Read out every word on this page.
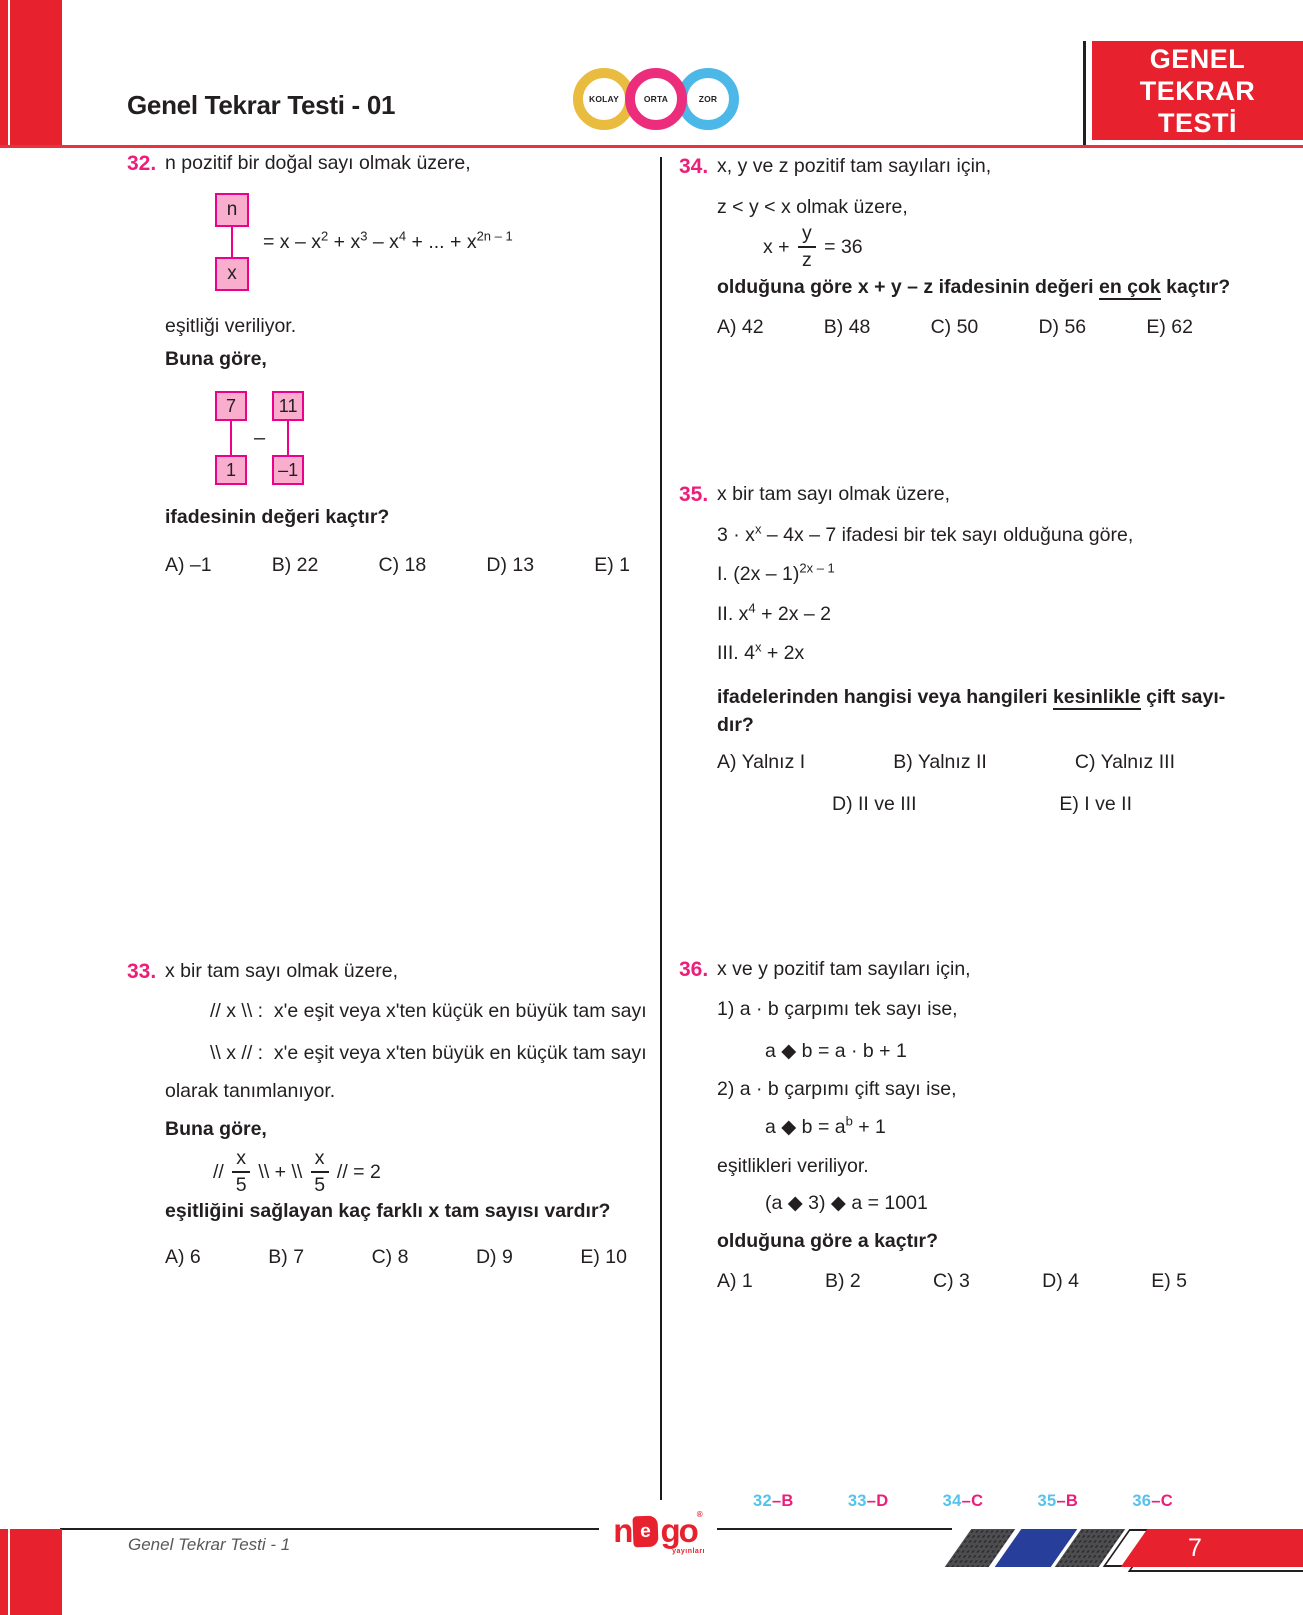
Genel Tekrar Testi - 01	KOLAY	ORTA	ZOR
GENEL
TEKRAR
TESTİ
32. n pozitif bir doğal sayı olmak üzere,
$\frac{n}{x} = x - x^2 + x^3 - x^4$ + ... + $x^{2n - 1}$
eşitliği veriliyor.
Buna göre,
7
1
–
11
–1
ifadesinin değeri kaçtır?
A) –1	B) 22	C) 18	D) 13	E) 1
33. x bir tam sayı olmak üzere,
// x \\ :  x'e eşit veya x'ten küçük en büyük tam sayı
\\ x // :  x'e eşit veya x'ten büyük en küçük tam sayı
olarak tanımlanıyor.
Buna göre,
// $\frac{x}{5}$ \\ + \\ $\frac{x}{5}$ // = 2
eşitliğini sağlayan kaç farklı x tam sayısı vardır?
A) 6	B) 7	C) 8	D) 9	E) 10
34. x, y ve z pozitif tam sayıları için,
z < y < x olmak üzere,
$x + \frac{y}{z} = 36$
olduğuna göre x + y – z ifadesinin değeri en çok kaçtır?
A) 42	B) 48	C) 50	D) 56	E) 62
35. x bir tam sayı olmak üzere,
$3 \cdot x^x - 4x - 7$ ifadesi bir tek sayı olduğuna göre,
I. (2x – 1)$^{2x - 1}$
II. $x^4 + 2x - 2$
III. $4^x + 2x$
ifadelerinden hangisi veya hangileri kesinlikle çift sayı-
dır?
A) Yalnız I	B) Yalnız II	C) Yalnız III
D) II ve III	E) I ve II
36. x ve y pozitif tam sayıları için,
1) a · b çarpımı tek sayı ise,
a ◆ b = a · b + 1
2) a · b çarpımı çift sayı ise,
a ◆ $b = a^b + 1$
eşitlikleri veriliyor.
(a ◆ 3) ◆ a = 1001
olduğuna göre a kaçtır?
A) 1	B) 2	C) 3	D) 4	E) 5
32–B	33–D	34–C	35–B	36–C
Genel Tekrar Testi - 1	n e go ®
yayınları	7
